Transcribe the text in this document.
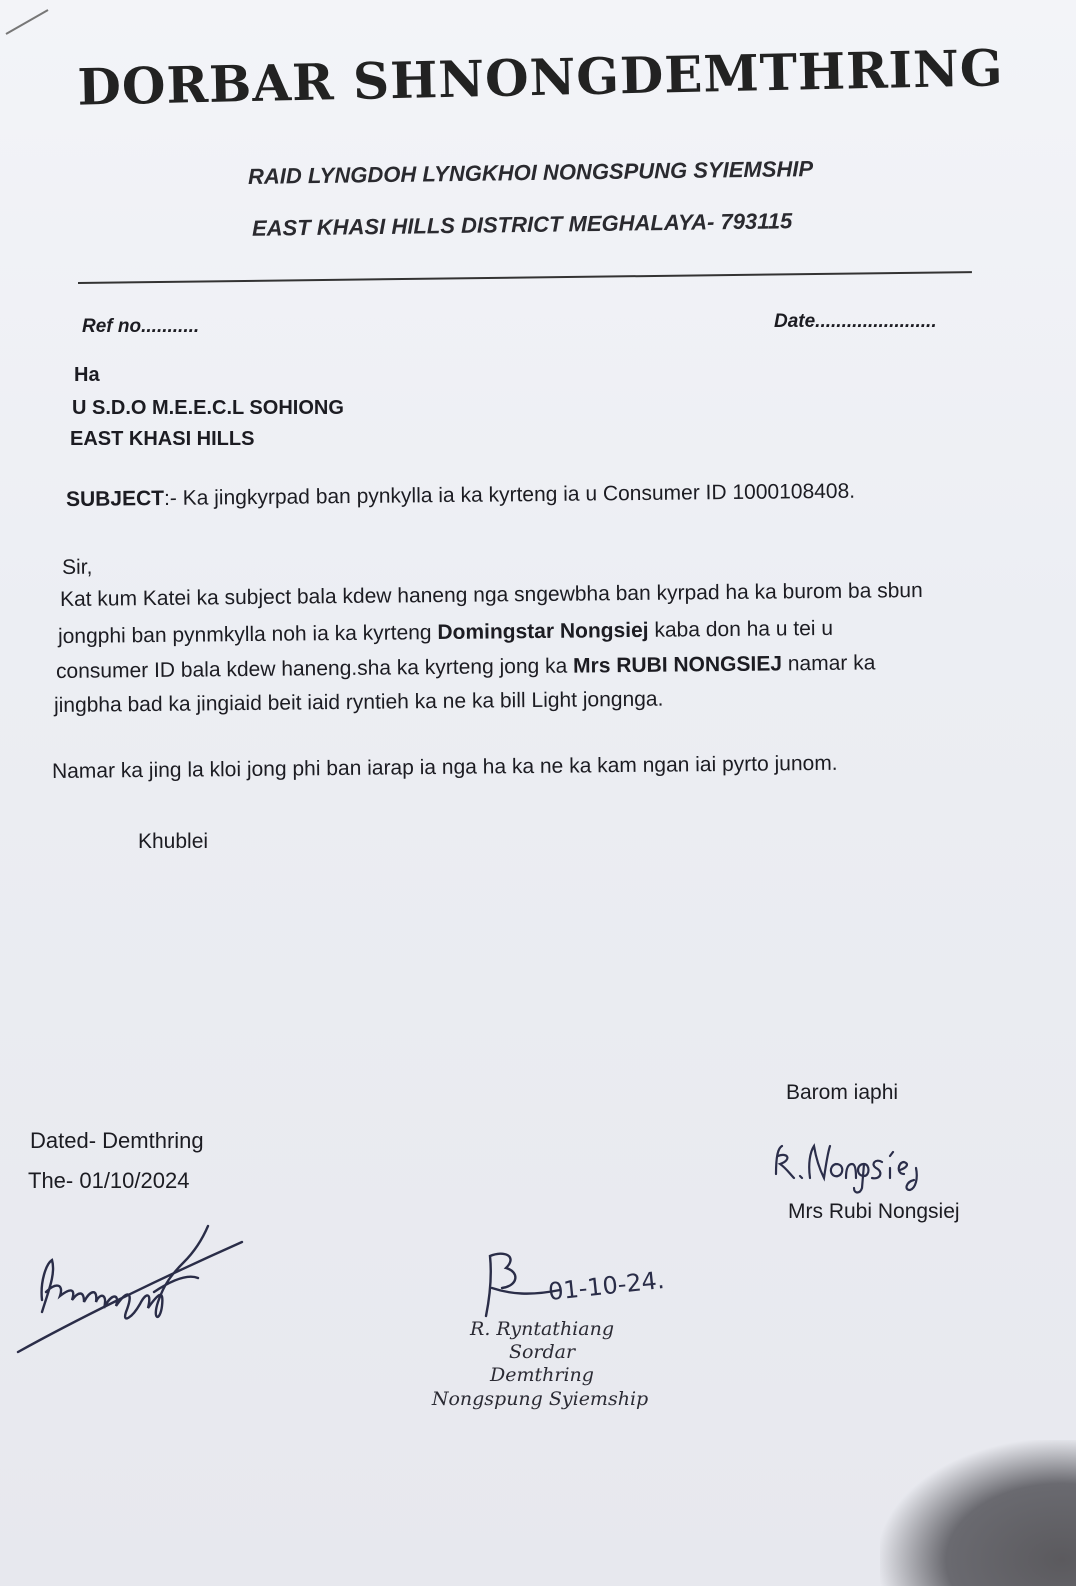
DORBAR SHNONGDEMTHRING
RAID LYNGDOH LYNGKHOI NONGSPUNG SYIEMSHIP
EAST KHASI HILLS DISTRICT MEGHALAYA- 793115
Ref no...........	Date.......................
Ha
U S.D.O M.E.E.C.L SOHIONG
EAST KHASI HILLS
SUBJECT:- Ka jingkyrpad ban pynkylla ia ka kyrteng ia u Consumer ID 1000108408.
Sir,
Kat kum Katei ka subject bala kdew haneng nga sngewbha ban kyrpad ha ka burom ba sbun
jongphi ban pynmkylla noh ia ka kyrteng Domingstar Nongsiej kaba don ha u tei u
consumer ID bala kdew haneng.sha ka kyrteng jong ka Mrs RUBI NONGSIEJ namar ka
jingbha bad ka jingiaid beit iaid ryntieh ka ne ka bill Light jongnga.
Namar ka jing la kloi jong phi ban iarap ia nga ha ka ne ka kam ngan iai pyrto junom.
Khublei
Barom iaphi
Mrs Rubi Nongsiej
Dated- Demthring
The- 01/10/2024
01-10-24.
R. Ryntathiang
Sordar
Demthring
Nongspung Syiemship
